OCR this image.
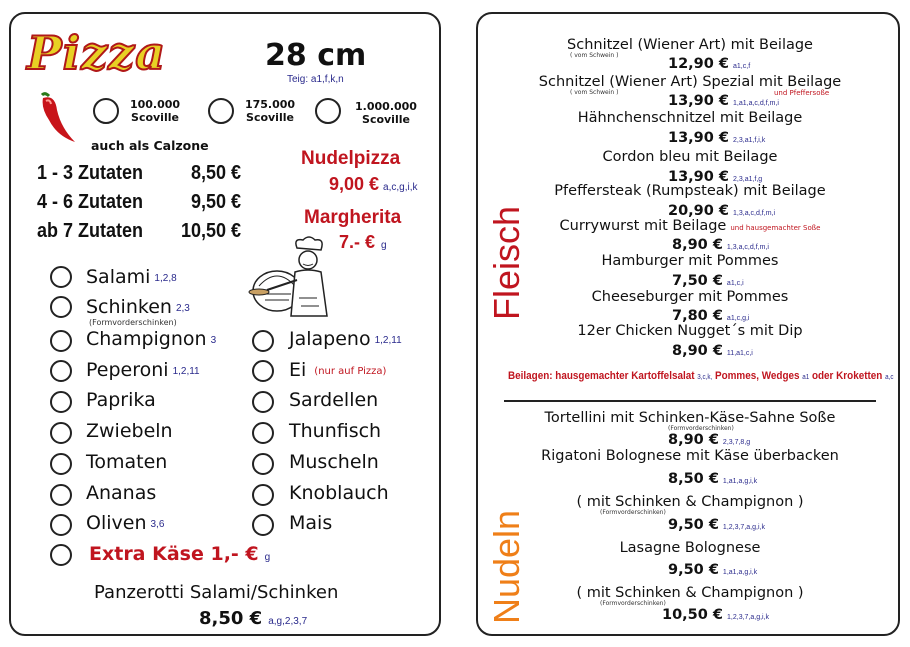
Pizza	28 cm
Teig: a1,f,k,n
100.000
Scoville
175.000
Scoville
1.000.000
Scoville
auch als Calzone
1 - 3 Zutaten 8,50 €
4 - 6 Zutaten 9,50 €
ab 7 Zutaten 10,50 €
Nudelpizza
9,00 € a,c,g,i,k
Margherita
7.- € g
Salami $^{1,2,8}$
Schinken $^{2,3}$
(Formvorderschinken)
Champignon $^3$
Peperoni $^{1,2,11}$
Paprika
Zwiebeln
Tomaten
Ananas
Oliven $^{3,6}$
Jalapeno $^{1,2,11}$
Ei (nur auf Pizza)
Sardellen
Thunfisch
Muscheln
Knoblauch
Mais
Extra Käse 1,- € g
Panzerotti Salami/Schinken
8,50 € a,g,2,3,7
Fleisch
Nudeln
Schnitzel (Wiener Art) mit Beilage
( vom Schwein )
12,90 € a1,c,f
Schnitzel (Wiener Art) Spezial mit Beilage
( vom Schwein )	und Pfeffersoße
13,90 € 1,a1,a,c,d,f,m,i
Hähnchenschnitzel mit Beilage
13,90 € 2,3,a1,f,i,k
Cordon bleu mit Beilage
13,90 € 2,3,a1,f,g
Pfeffersteak (Rumpsteak) mit Beilage
20,90 € 1,3,a,c,d,f,m,i
Currywurst mit Beilage und hausgemachter Soße
8,90 € 1,3,a,c,d,f,m,i
Hamburger mit Pommes
7,50 € a1,c,i
Cheeseburger mit Pommes
7,80 € a1,c,g,i
12er Chicken Nugget´s mit Dip
8,90 € 11,a1,c,i
Beilagen: hausgemachter Kartoffelsalat 3,c,k, Pommes, Wedges a1 oder Kroketten a,c
Tortellini mit Schinken-Käse-Sahne Soße
(Formvorderschinken)
8,90 € 2,3,7,8,g
Rigatoni Bolognese mit Käse überbacken
8,50 € 1,a1,a,g,i,k
( mit Schinken & Champignon )
(Formvorderschinken)
9,50 € 1,2,3,7,a,g,i,k
Lasagne Bolognese
9,50 € 1,a1,a,g,i,k
( mit Schinken & Champignon )
(Formvorderschinken)
10,50 € 1,2,3,7,a,g,i,k
